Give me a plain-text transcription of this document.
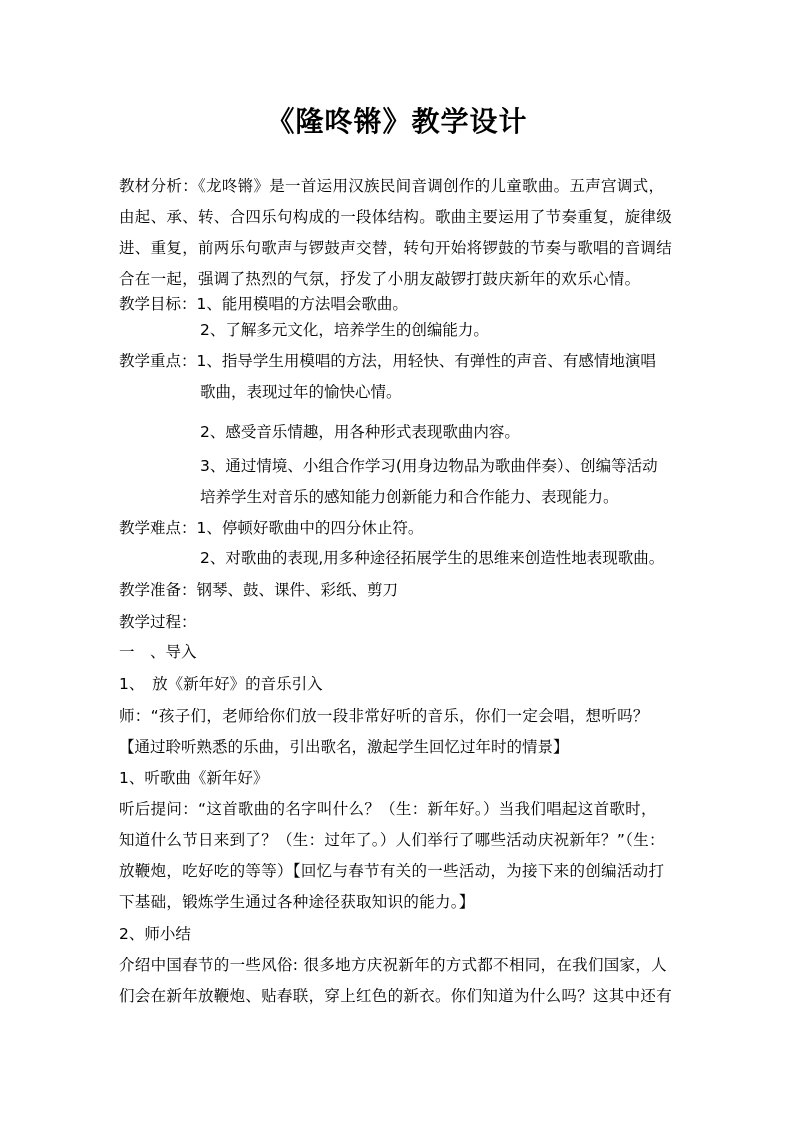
《隆咚锵》教学设计
教材分析：《龙咚锵》是一首运用汉族民间音调创作的儿童歌曲。五声宫调式，
由起、承、转、合四乐句构成的一段体结构。歌曲主要运用了节奏重复，旋律级
进、重复，前两乐句歌声与锣鼓声交替，转句开始将锣鼓的节奏与歌唱的音调结
合在一起，强调了热烈的气氛，抒发了小朋友敲锣打鼓庆新年的欢乐心情。
教学目标：1、能用模唱的方法唱会歌曲。
2、了解多元文化，培养学生的创编能力。
教学重点：1、指导学生用模唱的方法，用轻快、有弹性的声音、有感情地演唱
歌曲，表现过年的愉快心情。
2、感受音乐情趣，用各种形式表现歌曲内容。
3、通过情境、小组合作学习(用身边物品为歌曲伴奏）、创编等活动
培养学生对音乐的感知能力创新能力和合作能力、表现能力。
教学难点：1、停顿好歌曲中的四分休止符。
2、对歌曲的表现,用多种途径拓展学生的思维来创造性地表现歌曲。
教学准备：钢琴、鼓、课件、彩纸、剪刀
教学过程：
一　、导入
1、　放《新年好》的音乐引入
师：“孩子们，老师给你们放一段非常好听的音乐，你们一定会唱，想听吗？
【通过聆听熟悉的乐曲，引出歌名，激起学生回忆过年时的情景】
1、听歌曲《新年好》
听后提问：“这首歌曲的名字叫什么？（生：新年好。）当我们唱起这首歌时，
知道什么节日来到了？（生：过年了。）人们举行了哪些活动庆祝新年？”（生：
放鞭炮，吃好吃的等等）【回忆与春节有关的一些活动，为接下来的创编活动打
下基础，锻炼学生通过各种途径获取知识的能力。】
2、师小结
介绍中国春节的一些风俗: 很多地方庆祝新年的方式都不相同，在我们国家，人
们会在新年放鞭炮、贴春联，穿上红色的新衣。你们知道为什么吗？这其中还有
